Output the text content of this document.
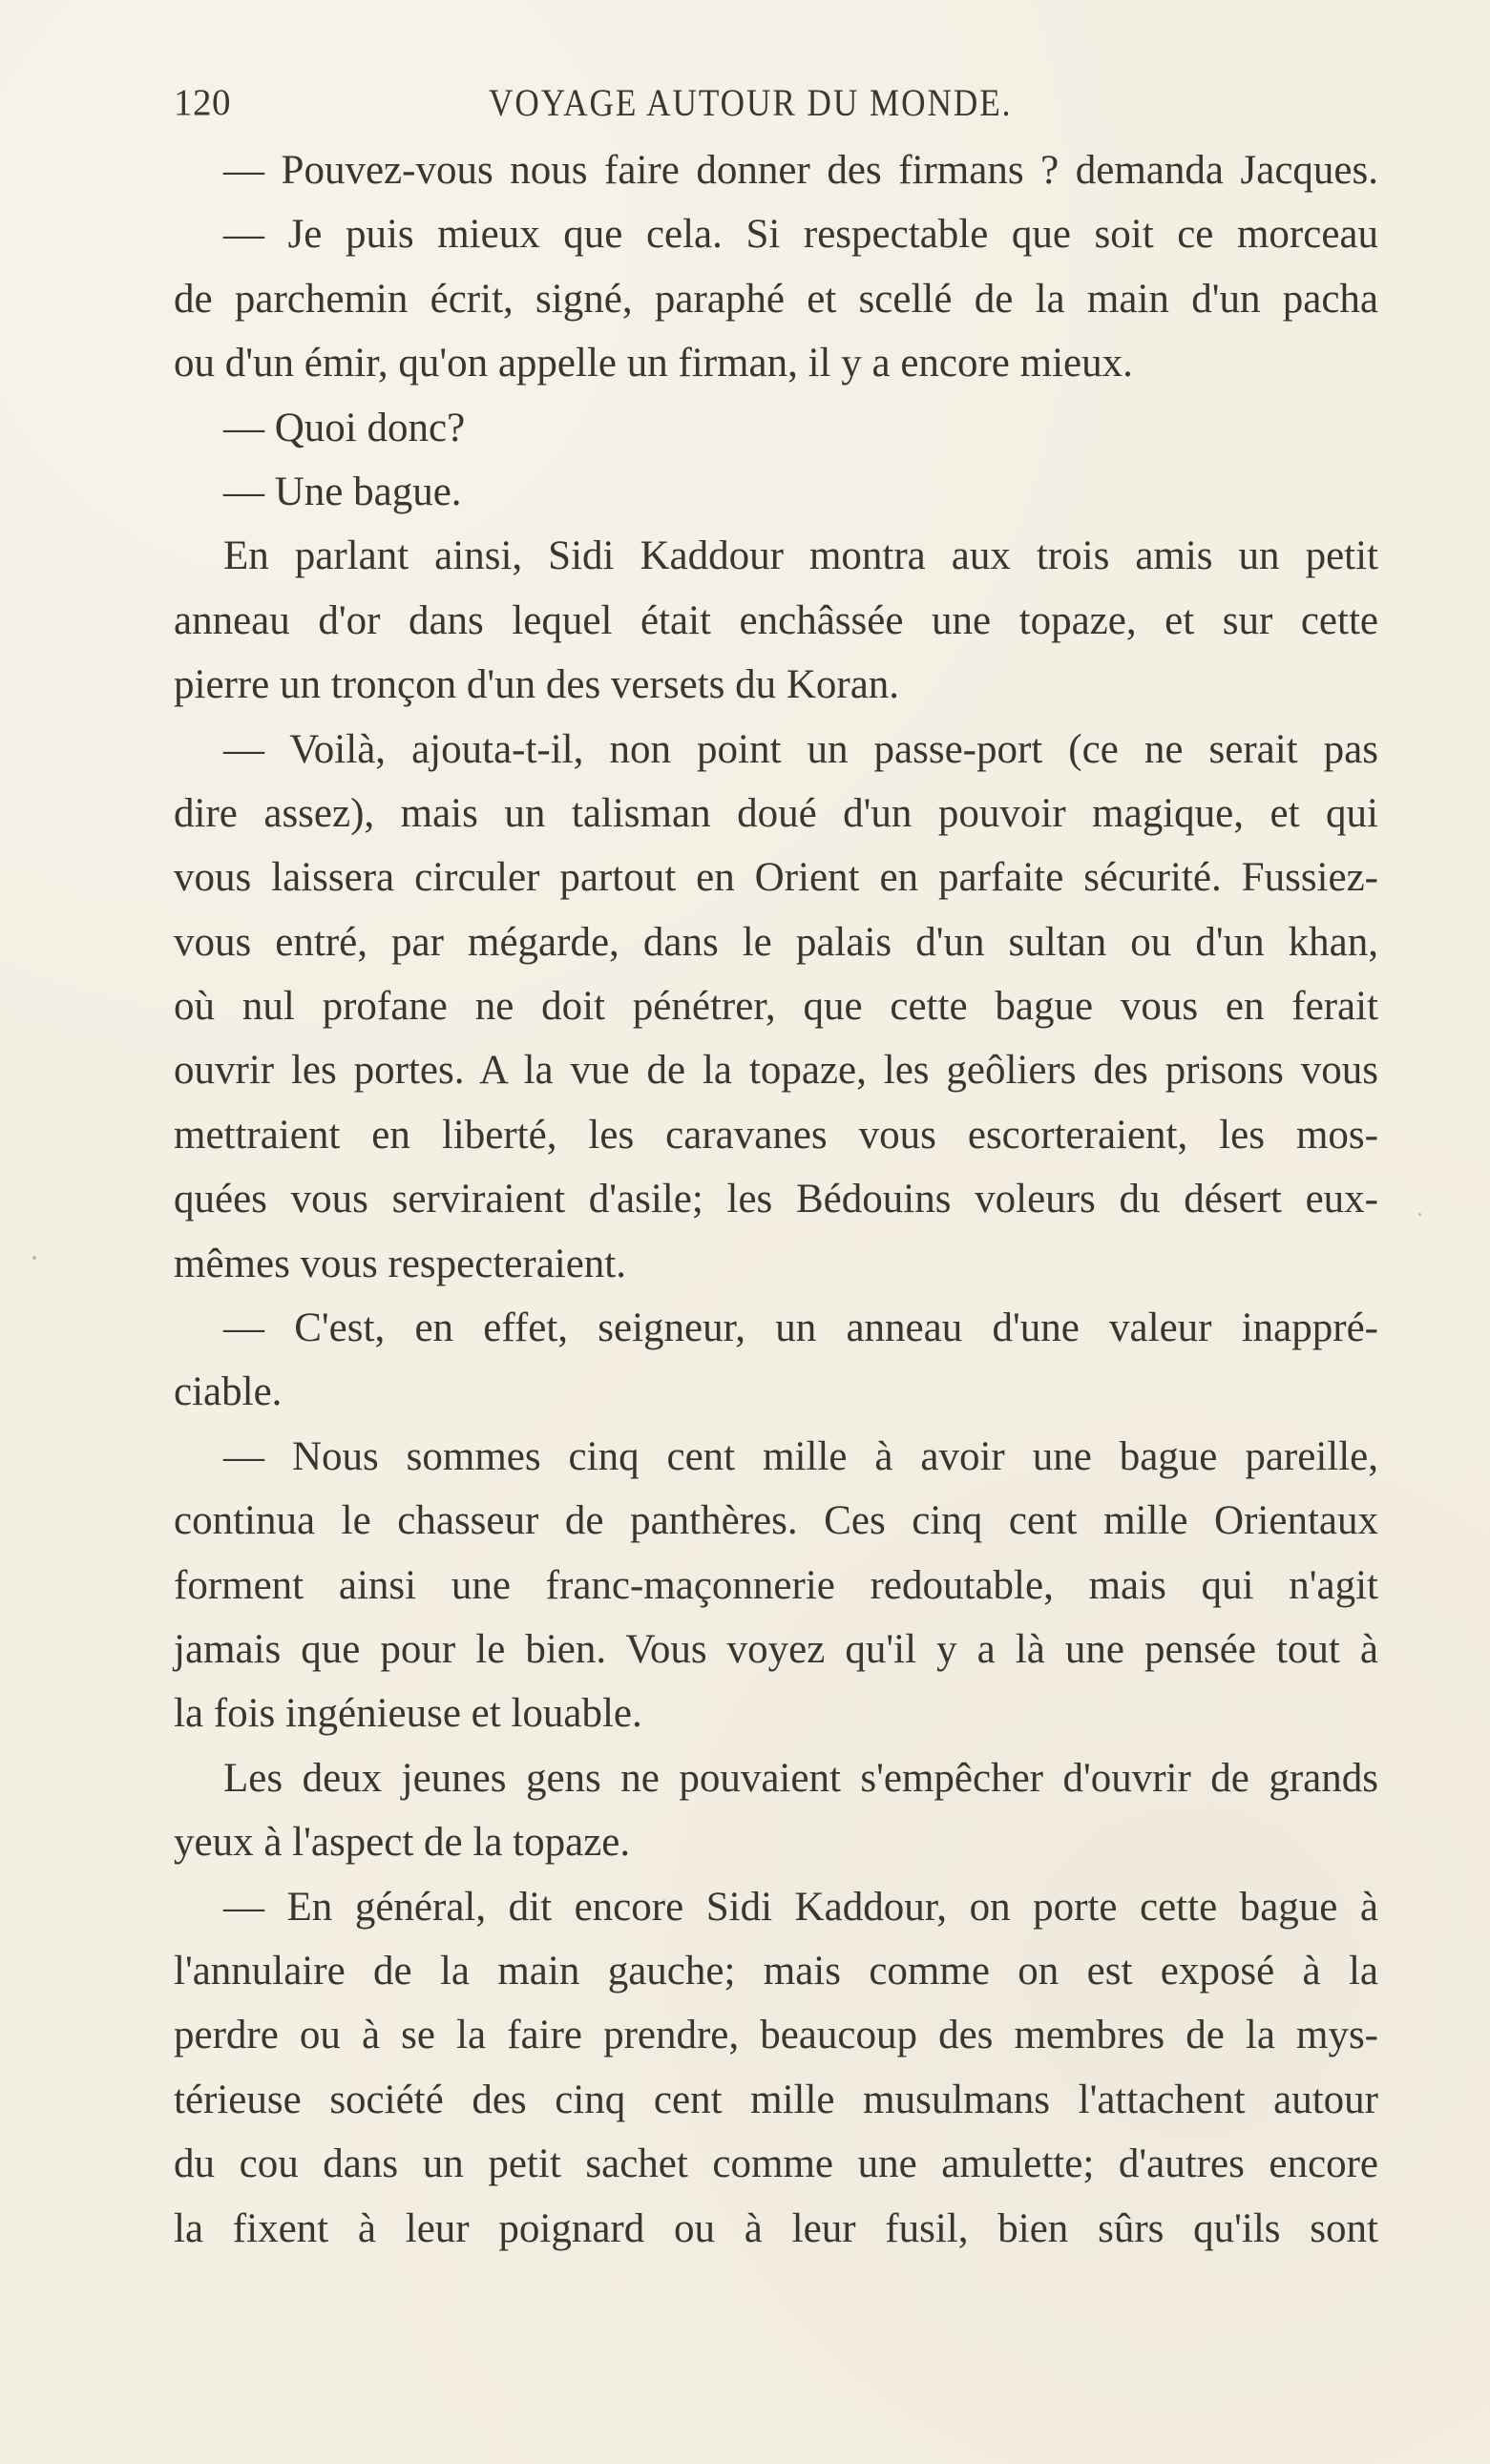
120	VOYAGE AUTOUR DU MONDE.
— Pouvez-vous nous faire donner des firmans ? demanda Jacques.
— Je puis mieux que cela. Si respectable que soit ce morceau
de parchemin écrit, signé, paraphé et scellé de la main d'un pacha
ou d'un émir, qu'on appelle un firman, il y a encore mieux.
— Quoi donc?
— Une bague.
En parlant ainsi, Sidi Kaddour montra aux trois amis un petit
anneau d'or dans lequel était enchâssée une topaze, et sur cette
pierre un tronçon d'un des versets du Koran.
— Voilà, ajouta-t-il, non point un passe-port (ce ne serait pas
dire assez), mais un talisman doué d'un pouvoir magique, et qui
vous laissera circuler partout en Orient en parfaite sécurité. Fussiez-
vous entré, par mégarde, dans le palais d'un sultan ou d'un khan,
où nul profane ne doit pénétrer, que cette bague vous en ferait
ouvrir les portes. A la vue de la topaze, les geôliers des prisons vous
mettraient en liberté, les caravanes vous escorteraient, les mos-
quées vous serviraient d'asile; les Bédouins voleurs du désert eux-
mêmes vous respecteraient.
— C'est, en effet, seigneur, un anneau d'une valeur inappré-
ciable.
— Nous sommes cinq cent mille à avoir une bague pareille,
continua le chasseur de panthères. Ces cinq cent mille Orientaux
forment ainsi une franc-maçonnerie redoutable, mais qui n'agit
jamais que pour le bien. Vous voyez qu'il y a là une pensée tout à
la fois ingénieuse et louable.
Les deux jeunes gens ne pouvaient s'empêcher d'ouvrir de grands
yeux à l'aspect de la topaze.
— En général, dit encore Sidi Kaddour, on porte cette bague à
l'annulaire de la main gauche; mais comme on est exposé à la
perdre ou à se la faire prendre, beaucoup des membres de la mys-
térieuse société des cinq cent mille musulmans l'attachent autour
du cou dans un petit sachet comme une amulette; d'autres encore
la fixent à leur poignard ou à leur fusil, bien sûrs qu'ils sont
